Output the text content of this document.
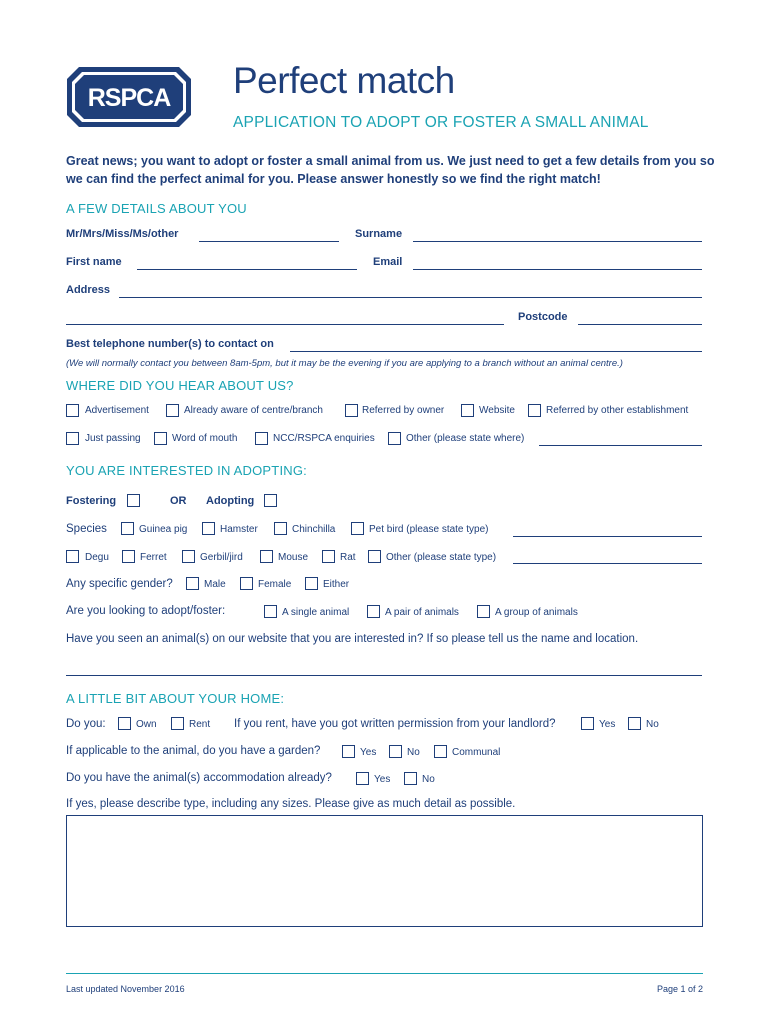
RSPCA Perfect match
APPLICATION TO ADOPT OR FOSTER A SMALL ANIMAL
Great news; you want to adopt or foster a small animal from us. We just need to get a few details from you so we can find the perfect animal for you. Please answer honestly so we find the right match!
A FEW DETAILS ABOUT YOU
Mr/Mrs/Miss/Ms/other	Surname
First name	Email
Address
Postcode
Best telephone number(s) to contact on
(We will normally contact you between 8am-5pm, but it may be the evening if you are applying to a branch without an animal centre.)
WHERE DID YOU HEAR ABOUT US?
Advertisement	Already aware of centre/branch	Referred by owner	Website	Referred by other establishment
Just passing	Word of mouth	NCC/RSPCA enquiries	Other (please state where)
YOU ARE INTERESTED IN ADOPTING:
Fostering	OR Adopting
Species	Guinea pig	Hamster	Chinchilla	Pet bird (please state type)
Degu	Ferret	Gerbil/jird	Mouse	Rat	Other (please state type)
Any specific gender?	Male	Female	Either
Are you looking to adopt/foster:	A single animal	A pair of animals	A group of animals
Have you seen an animal(s) on our website that you are interested in? If so please tell us the name and location.
A LITTLE BIT ABOUT YOUR HOME:
Do you:	Own	Rent If you rent, have you got written permission from your landlord?	Yes	No
If applicable to the animal, do you have a garden?	Yes	No	Communal
Do you have the animal(s) accommodation already?	Yes	No
If yes, please describe type, including any sizes. Please give as much detail as possible.
Last updated November 2016	Page 1 of 2
